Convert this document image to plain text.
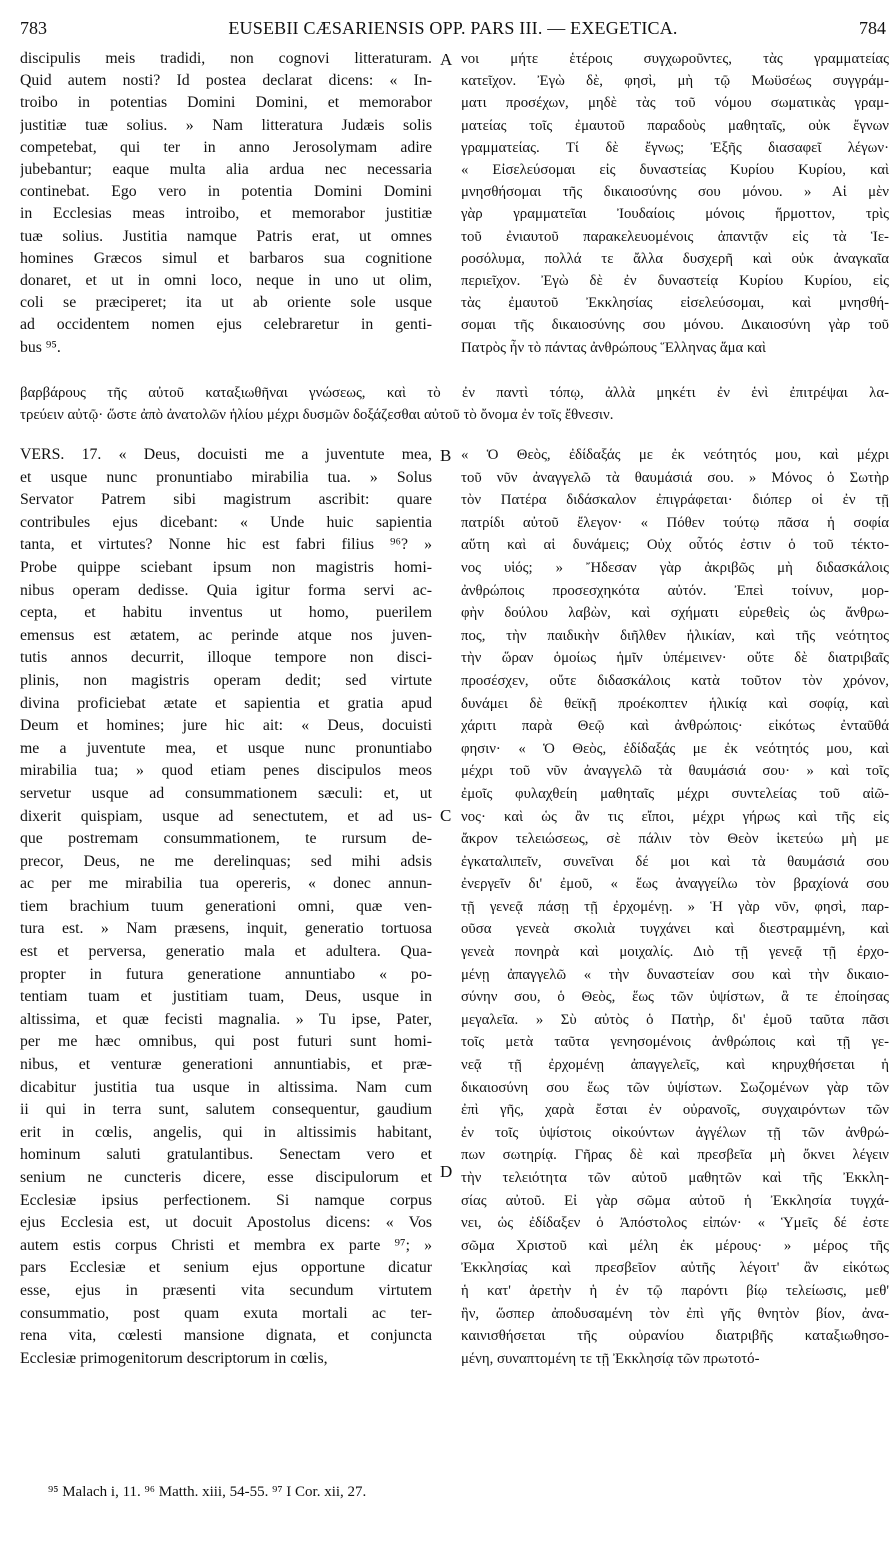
783	EUSEBII CÆSARIENSIS OPP. PARS III. — EXEGETICA.	784
discipulis meis tradidi, non cognovi litteraturam.
Quid autem nosti? Id postea declarat dicens: « In-
troibo in potentias Domini Domini, et memorabor
justitiæ tuæ solius. » Nam litteratura Judæis solis
competebat, qui ter in anno Jerosolymam adire
jubebantur; eaque multa alia ardua nec necessaria
continebat. Ego vero in potentia Domini Domini
in Ecclesias meas introibo, et memorabor justitiæ
tuæ solius. Justitia namque Patris erat, ut omnes
homines Græcos simul et barbaros sua cognitione
donaret, et ut in omni loco, neque in uno ut olim,
coli se præciperet; ita ut ab oriente sole usque
ad occidentem nomen ejus celebraretur in genti-
bus ⁹⁵.
A νοι μήτε ἑτέροις συγχωροῦντες, τὰς γραμματείας
κατεῖχον. Ἐγὼ δὲ, φησὶ, μὴ τῷ Μωϋσέως συγγράμ-
ματι προσέχων, μηδὲ τὰς τοῦ νόμου σωματικὰς γραμ-
ματείας τοῖς ἐμαυτοῦ παραδοὺς μαθηταῖς, οὐκ ἔγνων
γραμματείας. Τί δὲ ἔγνως; Ἐξῆς διασαφεῖ λέγων·
« Εἰσελεύσομαι εἰς δυναστείας Κυρίου Κυρίου, καὶ
μνησθήσομαι τῆς δικαιοσύνης σου μόνου. » Αἱ μὲν
γὰρ γραμματεῖαι Ἰουδαίοις μόνοις ἥρμοττον, τρὶς
τοῦ ἐνιαυτοῦ παρακελευομένοις ἀπαντᾷν εἰς τὰ Ἱε-
ροσόλυμα, πολλά τε ἄλλα δυσχερῆ καὶ οὐκ ἀναγκαῖα
περιεῖχον. Ἐγὼ δὲ ἐν δυναστείᾳ Κυρίου Κυρίου, εἰς
τὰς ἐμαυτοῦ Ἐκκλησίας εἰσελεύσομαι, καὶ μνησθή-
σομαι τῆς δικαιοσύνης σου μόνου. Δικαιοσύνη γὰρ τοῦ
Πατρὸς ἦν τὸ πάντας ἀνθρώπους Ἕλληνας ἅμα καὶ
βαρβάρους τῆς αὐτοῦ καταξιωθῆναι γνώσεως, καὶ τὸ ἐν παντὶ τόπῳ, ἀλλὰ μηκέτι ἐν ἑνὶ ἐπιτρέψαι λα-
τρεύειν αὐτῷ· ὥστε ἀπὸ ἀνατολῶν ἡλίου μέχρι δυσμῶν δοξάζεσθαι αὐτοῦ τὸ ὄνομα ἐν τοῖς ἔθνεσιν.
VERS. 17. « Deus, docuisti me a juventute mea,
et usque nunc pronuntiabo mirabilia tua. » Solus
Servator Patrem sibi magistrum ascribit: quare
contribules ejus dicebant: « Unde huic sapientia
tanta, et virtutes? Nonne hic est fabri filius ⁹⁶? »
Probe quippe sciebant ipsum non magistris homi-
nibus operam dedisse. Quia igitur forma servi ac-
cepta, et habitu inventus ut homo, puerilem
emensus est ætatem, ac perinde atque nos juven-
tutis annos decurrit, illoque tempore non disci-
plinis, non magistris operam dedit; sed virtute
divina proficiebat ætate et sapientia et gratia apud
Deum et homines; jure hic ait: « Deus, docuisti
me a juventute mea, et usque nunc pronuntiabo
mirabilia tua; » quod etiam penes discipulos meos
servetur usque ad consummationem sæculi: et, ut
dixerit quispiam, usque ad senectutem, et ad us-
que postremam consummationem, te rursum de-
precor, Deus, ne me derelinquas; sed mihi adsis
ac per me mirabilia tua opereris, « donec annun-
tiem brachium tuum generationi omni, quæ ven-
tura est. » Nam præsens, inquit, generatio tortuosa
est et perversa, generatio mala et adultera. Qua-
propter in futura generatione annuntiabo « po-
tentiam tuam et justitiam tuam, Deus, usque in
altissima, et quæ fecisti magnalia. » Tu ipse, Pater,
per me hæc omnibus, qui post futuri sunt homi-
nibus, et venturæ generationi annuntiabis, et præ-
dicabitur justitia tua usque in altissima. Nam cum
ii qui in terra sunt, salutem consequentur, gaudium
erit in cœlis, angelis, qui in altissimis habitant,
hominum saluti gratulantibus. Senectam vero et
senium ne cuncteris dicere, esse discipulorum et
Ecclesiæ ipsius perfectionem. Si namque corpus
ejus Ecclesia est, ut docuit Apostolus dicens: « Vos
autem estis corpus Christi et membra ex parte ⁹⁷; »
pars Ecclesiæ et senium ejus opportune dicatur
esse, ejus in præsenti vita secundum virtutem
consummatio, post quam exuta mortali ac ter-
rena vita, cœlesti mansione dignata, et conjuncta
Ecclesiæ primogenitorum descriptorum in cœlis,
« Ὁ Θεὸς, ἐδίδαξάς με ἐκ νεότητός μου, καὶ μέχρι
τοῦ νῦν ἀναγγελῶ τὰ θαυμάσιά σου. » Μόνος ὁ Σωτὴρ
τὸν Πατέρα διδάσκαλον ἐπιγράφεται· διόπερ οἱ ἐν τῇ
πατρίδι αὐτοῦ ἔλεγον· « Πόθεν τούτῳ πᾶσα ἡ σοφία
αὕτη καὶ αἱ δυνάμεις; Οὐχ οὗτός ἐστιν ὁ τοῦ τέκτο-
νος υἱός; » Ἤδεσαν γὰρ ἀκριβῶς μὴ διδασκάλοις
ἀνθρώποις προσεσχηκότα αὐτόν. Ἐπεὶ τοίνυν, μορ-
φὴν δούλου λαβὼν, καὶ σχήματι εὑρεθεὶς ὡς ἄνθρω-
πος, τὴν παιδικὴν διῆλθεν ἡλικίαν, καὶ τῆς νεότητος
τὴν ὥραν ὁμοίως ἡμῖν ὑπέμεινεν· οὔτε δὲ διατριβαῖς
προσέσχεν, οὔτε διδασκάλοις κατὰ τοῦτον τὸν χρόνον,
δυνάμει δὲ θεϊκῇ προέκοπτεν ἡλικίᾳ καὶ σοφίᾳ, καὶ
χάριτι παρὰ Θεῷ καὶ ἀνθρώποις· εἰκότως ἐνταῦθά
φησιν· « Ὁ Θεὸς, ἐδίδαξάς με ἐκ νεότητός μου, καὶ
μέχρι τοῦ νῦν ἀναγγελῶ τὰ θαυμάσιά σου· » καὶ τοῖς
ἐμοῖς φυλαχθείη μαθηταῖς μέχρι συντελείας τοῦ αἰῶ-
νος· καὶ ὡς ἂν τις εἴποι, μέχρι γήρως καὶ τῆς εἰς
ἄκρον τελειώσεως, σὲ πάλιν τὸν Θεὸν ἱκετεύω μὴ με
ἐγκαταλιπεῖν, συνεῖναι δέ μοι καὶ τὰ θαυμάσιά σου
ἐνεργεῖν δι' ἐμοῦ, « ἕως ἀναγγείλω τὸν βραχίονά σου
τῇ γενεᾷ πάσῃ τῇ ἐρχομένῃ. » Ἡ γὰρ νῦν, φησὶ, παρ-
οῦσα γενεὰ σκολιὰ τυγχάνει καὶ διεστραμμένη, καὶ
γενεὰ πονηρὰ καὶ μοιχαλίς. Διὸ τῇ γενεᾷ τῇ ἐρχο-
μένῃ ἀπαγγελῶ « τὴν δυναστείαν σου καὶ τὴν δικαιο-
σύνην σου, ὁ Θεὸς, ἕως τῶν ὑψίστων, ἃ τε ἐποίησας
μεγαλεῖα. » Σὺ αὐτὸς ὁ Πατὴρ, δι' ἐμοῦ ταῦτα πᾶσι
τοῖς μετὰ ταῦτα γενησομένοις ἀνθρώποις καὶ τῇ γε-
νεᾷ τῇ ἐρχομένῃ ἀπαγγελεῖς, καὶ κηρυχθήσεται ἡ
δικαιοσύνη σου ἕως τῶν ὑψίστων. Σωζομένων γὰρ τῶν
ἐπὶ γῆς, χαρὰ ἔσται ἐν οὐρανοῖς, συγχαιρόντων τῶν
ἐν τοῖς ὑψίστοις οἰκούντων ἀγγέλων τῇ τῶν ἀνθρώ-
πων σωτηρίᾳ. Γῆρας δὲ καὶ πρεσβεῖα μὴ ὄκνει λέγειν
τὴν τελειότητα τῶν αὐτοῦ μαθητῶν καὶ τῆς Ἐκκλη-
σίας αὐτοῦ. Εἰ γὰρ σῶμα αὐτοῦ ἡ Ἐκκλησία τυγχά-
νει, ὡς ἐδίδαξεν ὁ Ἀπόστολος εἰπών· « Ὑμεῖς δέ ἐστε
σῶμα Χριστοῦ καὶ μέλη ἐκ μέρους· » μέρος τῆς
Ἐκκλησίας καὶ πρεσβεῖον αὐτῆς λέγοιτ' ἂν εἰκότως
ἡ κατ' ἀρετὴν ἡ ἐν τῷ παρόντι βίῳ τελείωσις, μεθ'
ἣν, ὥσπερ ἀποδυσαμένη τὸν ἐπὶ γῆς θνητὸν βίον, ἀνα-
καινισθήσεται τῆς οὐρανίου διατριβῆς καταξιωθησο-
μένη, συναπτομένη τε τῇ Ἐκκλησίᾳ τῶν πρωτοτό-
B
C
D
⁹⁵ Malach i, 11. ⁹⁶ Matth. xiii, 54-55. ⁹⁷ I Cor. xii, 27.
